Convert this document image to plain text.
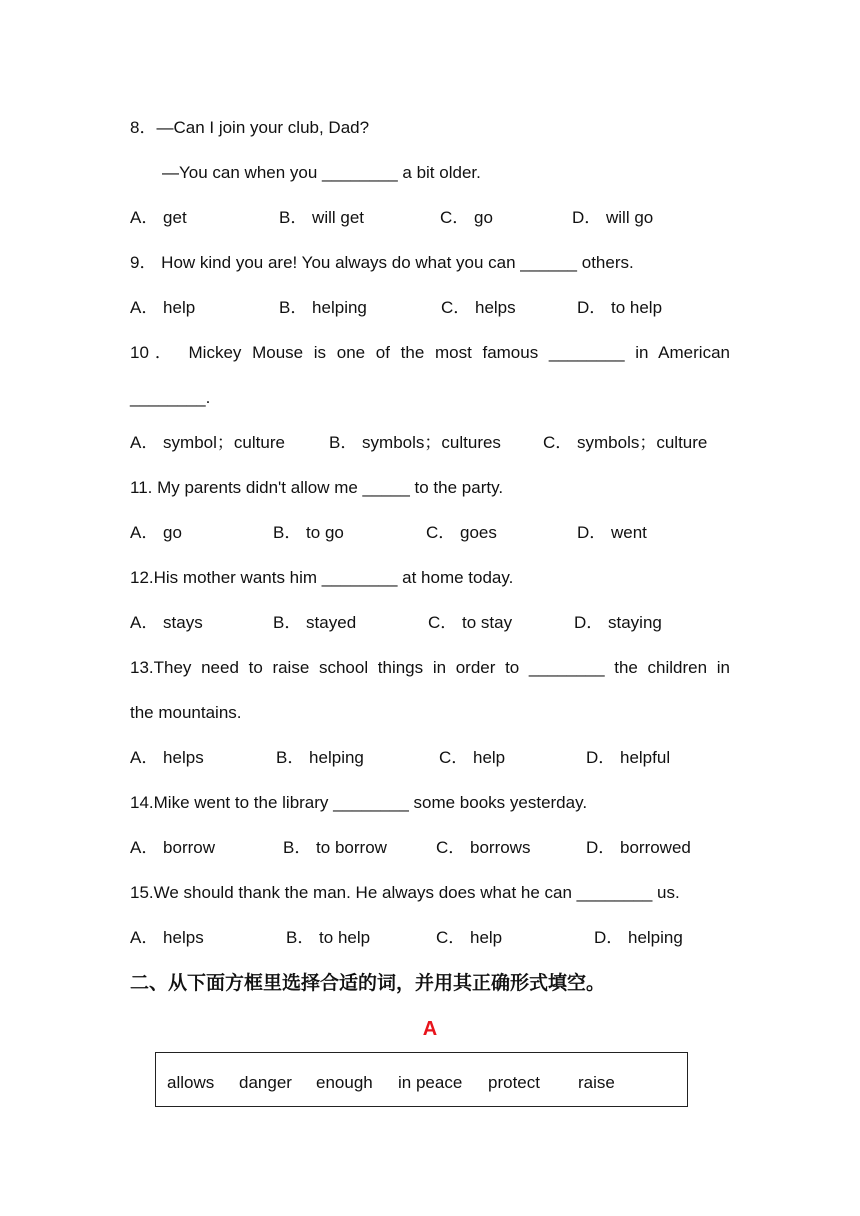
8．—Can I join your club, Dad?
—You can when you ________ a bit older.
A． get	B． will get	C． go	D． will go
9． How kind you are! You always do what you can ______ others.
A． help	B． helping	C． helps	D． to help
10． Mickey Mouse is one of the most famous ________ in American
________.
A． symbol；culture	B． symbols；cultures C． symbols；culture
11. My parents didn't allow me _____ to the party.
A． go	B． to go	C． goes	D． went
12.His mother wants him ________ at home today.
A． stays	B． stayed	C． to stay	D． staying
13.They need to raise school things in order to ________ the children in
the mountains.
A． helps	B． helping	C． help	D． helpful
14.Mike went to the library ________ some books yesterday.
A． borrow	B． to borrow	C． borrows	D． borrowed
15.We should thank the man. He always does what he can ________ us.
A． helps	B． to help	C． help	D． helping
二、从下面方框里选择合适的词，并用其正确形式填空。
A
allows danger enough in peace protect raise
